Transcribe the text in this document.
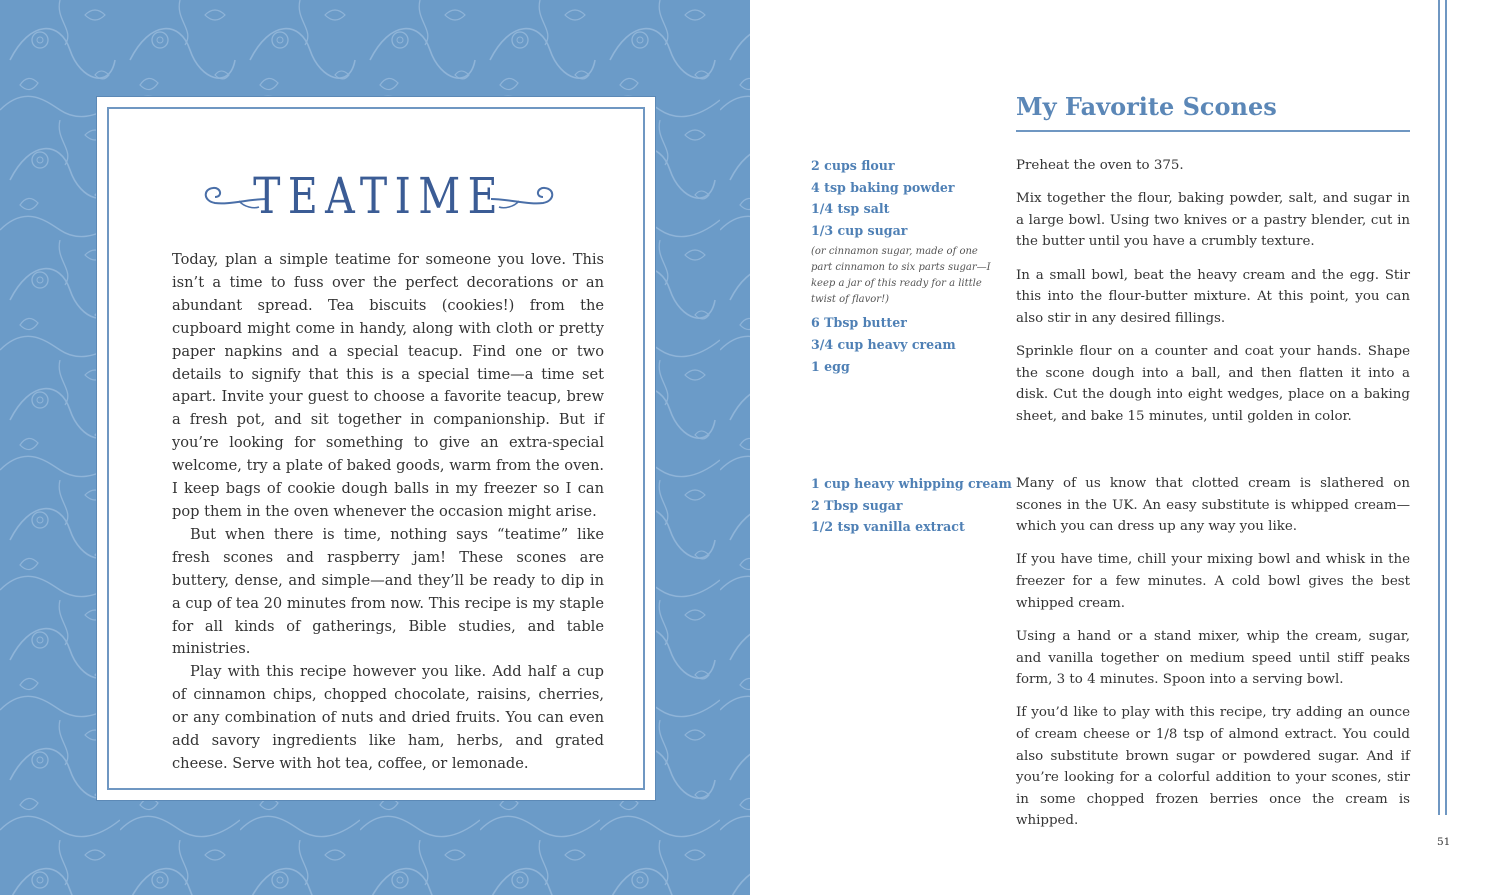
TEATIME

Today, plan a simple teatime for someone you love. This isn’t a time to fuss over the perfect decorations or an abundant spread. Tea biscuits (cookies!) from the cupboard might come in handy, along with cloth or pretty paper napkins and a special teacup. Find one or two details to signify that this is a special time—a time set apart. Invite your guest to choose a favorite teacup, brew a fresh pot, and sit together in companionship. But if you’re looking for something to give an extra-special welcome, try a plate of baked goods, warm from the oven. I keep bags of cookie dough balls in my freezer so I can pop them in the oven whenever the occasion might arise.

But when there is time, nothing says “teatime” like fresh scones and raspberry jam! These scones are buttery, dense, and simple—and they’ll be ready to dip in a cup of tea 20 minutes from now. This recipe is my staple for all kinds of gatherings, Bible studies, and table ministries.

Play with this recipe however you like. Add half a cup of cinnamon chips, chopped chocolate, raisins, cherries, or any combination of nuts and dried fruits. You can even add savory ingredients like ham, herbs, and grated cheese. Serve with hot tea, coffee, or lemonade.

My Favorite Scones
2 cups flour
4 tsp baking powder
1/4 tsp salt
1/3 cup sugar
(or cinnamon sugar, made of one part cinnamon to six parts sugar—I keep a jar of this ready for a little twist of flavor!)
6 Tbsp butter
3/4 cup heavy cream
1 egg

Preheat the oven to 375.

Mix together the flour, baking powder, salt, and sugar in a large bowl. Using two knives or a pastry blender, cut in the butter until you have a crumbly texture.

In a small bowl, beat the heavy cream and the egg. Stir this into the flour-butter mixture. At this point, you can also stir in any desired fillings.

Sprinkle flour on a counter and coat your hands. Shape the scone dough into a ball, and then flatten it into a disk. Cut the dough into eight wedges, place on a baking sheet, and bake 15 minutes, until golden in color.

1 cup heavy whipping cream
2 Tbsp sugar
1/2 tsp vanilla extract

Many of us know that clotted cream is slathered on scones in the UK. An easy substitute is whipped cream—which you can dress up any way you like.

If you have time, chill your mixing bowl and whisk in the freezer for a few minutes. A cold bowl gives the best whipped cream.

Using a hand or a stand mixer, whip the cream, sugar, and vanilla together on medium speed until stiff peaks form, 3 to 4 minutes. Spoon into a serving bowl.

If you’d like to play with this recipe, try adding an ounce of cream cheese or 1/8 tsp of almond extract. You could also substitute brown sugar or powdered sugar. And if you’re looking for a colorful addition to your scones, stir in some chopped frozen berries once the cream is whipped.

51
